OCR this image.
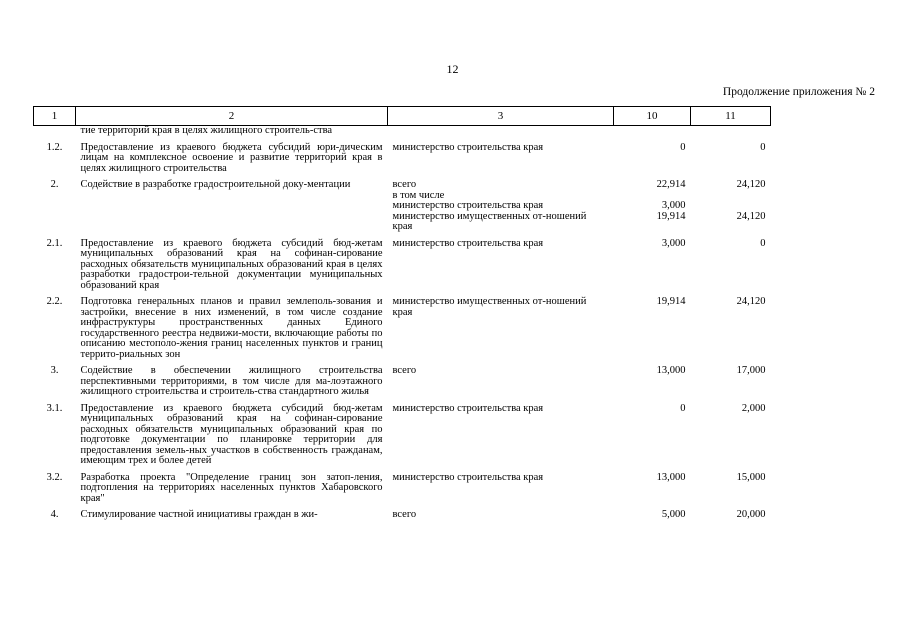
12
Продолжение приложения № 2
1	2	3	10	11
	тие территорий края в целях жилищного строитель-ства			
1.2.	Предоставление из краевого бюджета субсидий юри-дическим лицам на комплексное освоение и развитие территорий края в целях жилищного строительства	министерство строительства края	0	0
2.	Содействие в разработке градостроительной доку-ментации	всего	22,914	24,120
		в том числе		
		министерство строительства края	3,000	
		министерство имущественных от-ношений края	19,914	24,120
2.1.	Предоставление из краевого бюджета субсидий бюд-жетам муниципальных образований края на софинан-сирование расходных обязательств муниципальных образований края в целях разработки градострои-тельной документации муниципальных образований края	министерство строительства края	3,000	0
2.2.	Подготовка генеральных планов и правил землеполь-зования и застройки, внесение в них изменений, в том числе создание инфраструктуры пространственных данных Единого государственного реестра недвижи-мости, включающие работы по описанию местополо-жения границ населенных пунктов и границ террито-риальных зон	министерство имущественных от-ношений края	19,914	24,120
3.	Содействие в обеспечении жилищного строительства перспективными территориями, в том числе для ма-лоэтажного жилищного строительства и строитель-ства стандартного жилья	всего	13,000	17,000
3.1.	Предоставление из краевого бюджета субсидий бюд-жетам муниципальных образований края на софинан-сирование расходных обязательств муниципальных образований края по подготовке документации по планировке территории для предоставления земель-ных участков в собственность гражданам, имеющим трех и более детей	министерство строительства края	0	2,000
3.2.	Разработка проекта "Определение границ зон затоп-ления, подтопления на территориях населенных пунктов Хабаровского края"	министерство строительства края	13,000	15,000
4.	Стимулирование частной инициативы граждан в жи-	всего	5,000	20,000
